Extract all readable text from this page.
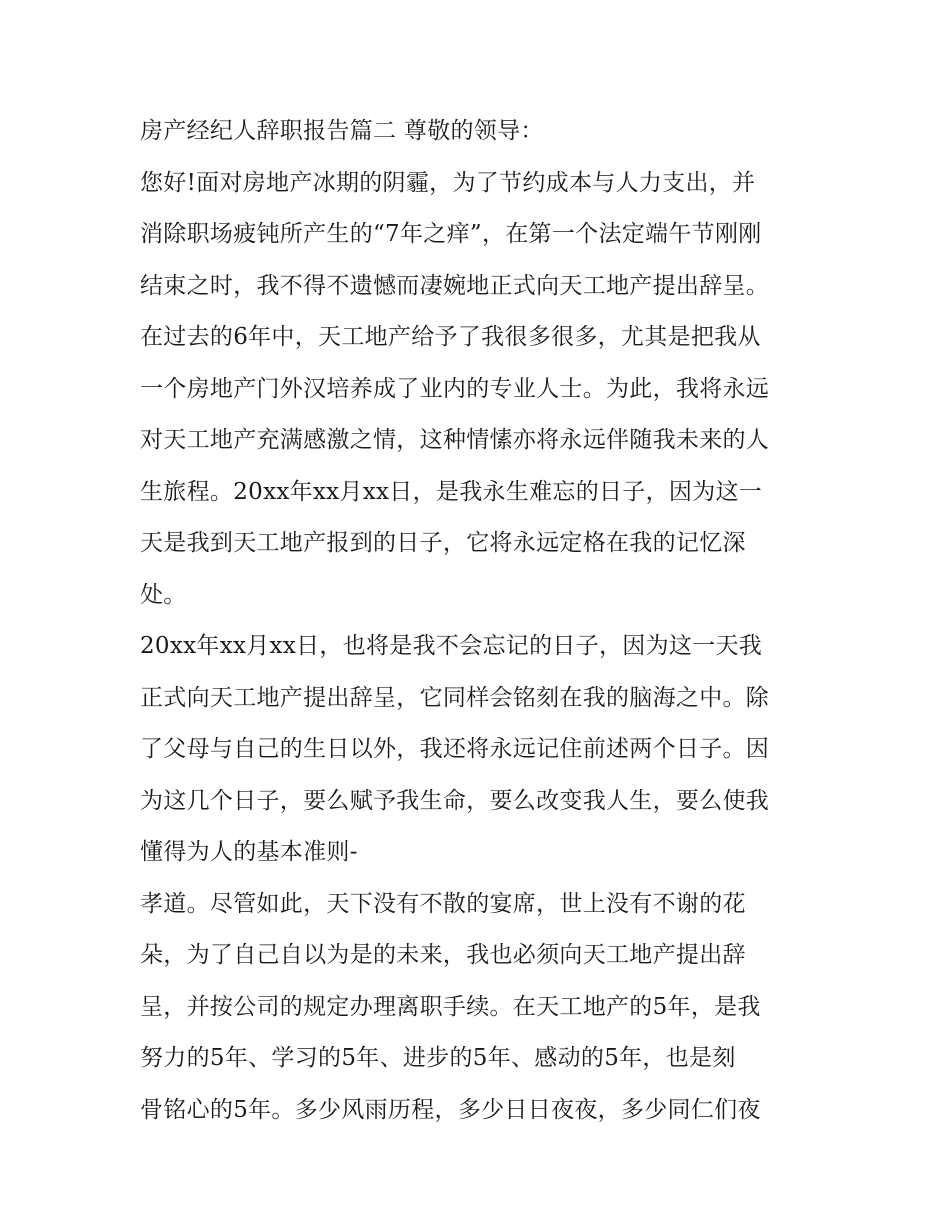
房产经纪人辞职报告篇二 尊敬的领导：
您好!面对房地产冰期的阴霾，为了节约成本与人力支出，并
消除职场疲钝所产生的“7年之痒”，在第一个法定端午节刚刚
结束之时，我不得不遗憾而凄婉地正式向天工地产提出辞呈。
在过去的6年中，天工地产给予了我很多很多，尤其是把我从
一个房地产门外汉培养成了业内的专业人士。为此，我将永远
对天工地产充满感激之情，这种情愫亦将永远伴随我未来的人
生旅程。20xx年xx月xx日，是我永生难忘的日子，因为这一
天是我到天工地产报到的日子，它将永远定格在我的记忆深
处。
20xx年xx月xx日，也将是我不会忘记的日子，因为这一天我
正式向天工地产提出辞呈，它同样会铭刻在我的脑海之中。除
了父母与自己的生日以外，我还将永远记住前述两个日子。因
为这几个日子，要么赋予我生命，要么改变我人生，要么使我
懂得为人的基本准则-
孝道。尽管如此，天下没有不散的宴席，世上没有不谢的花
朵，为了自己自以为是的未来，我也必须向天工地产提出辞
呈，并按公司的规定办理离职手续。在天工地产的5年，是我
努力的5年、学习的5年、进步的5年、感动的5年，也是刻
骨铭心的5年。多少风雨历程，多少日日夜夜，多少同仁们夜
